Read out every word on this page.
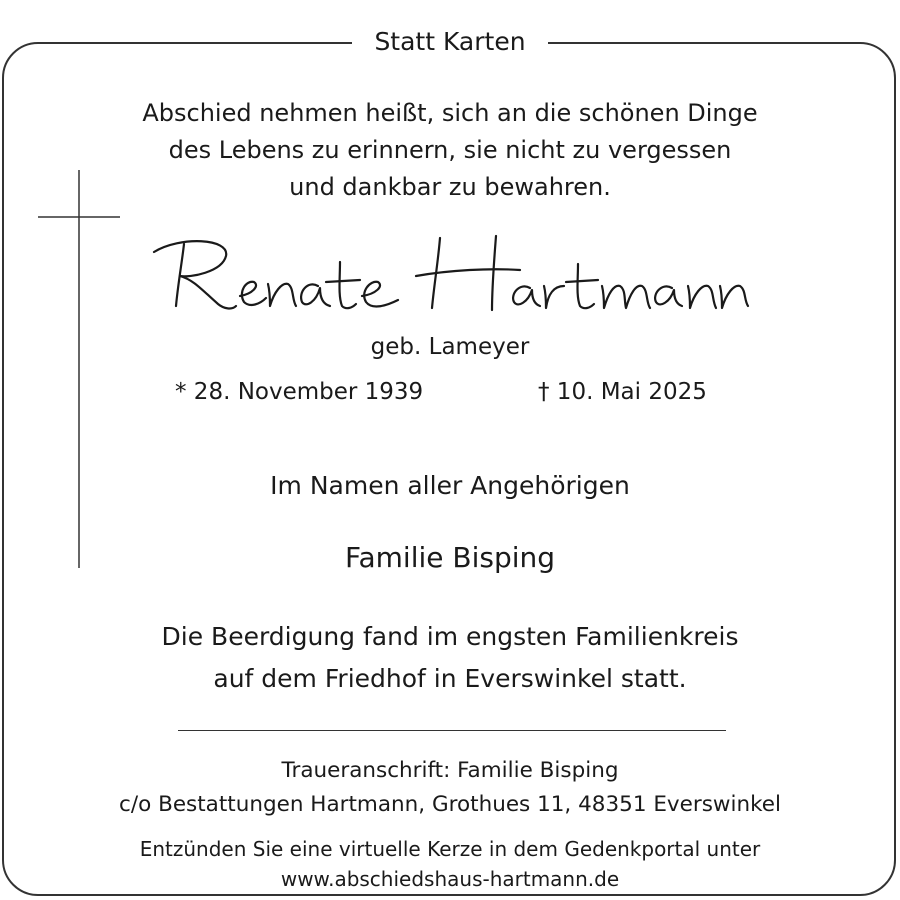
Statt Karten
Abschied nehmen heißt, sich an die schönen Dinge
des Lebens zu erinnern, sie nicht zu vergessen
und dankbar zu bewahren.
geb. Lameyer
* 28. November 1939	† 10. Mai 2025
Im Namen aller Angehörigen
Familie Bisping
Die Beerdigung fand im engsten Familienkreis
auf dem Friedhof in Everswinkel statt.
Traueranschrift: Familie Bisping
c/o Bestattungen Hartmann, Grothues 11, 48351 Everswinkel
Entzünden Sie eine virtuelle Kerze in dem Gedenkportal unter
www.abschiedshaus-hartmann.de
